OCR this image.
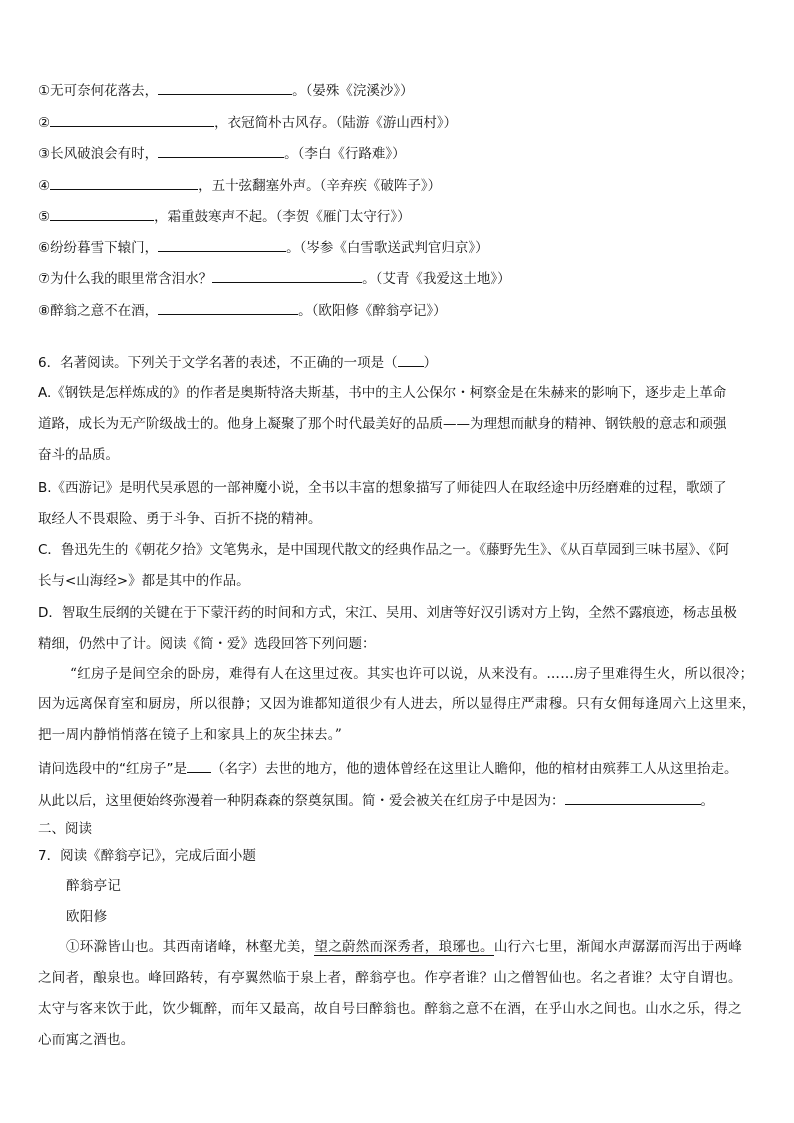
①无可奈何花落去，	。（晏殊《浣溪沙》）
②	，衣冠简朴古风存。（陆游《游山西村》）
③长风破浪会有时，	。（李白《行路难》）
④	，五十弦翻塞外声。（辛弃疾《破阵子》）
⑤	，霜重鼓寒声不起。（李贺《雁门太守行》）
⑥纷纷暮雪下辕门，	。（岑参《白雪歌送武判官归京》）
⑦为什么我的眼里常含泪水？	。（艾青《我爱这土地》）
⑧醉翁之意不在酒，	。（欧阳修《醉翁亭记》）
6．名著阅读。下列关于文学名著的表述，不正确的一项是（ ）
A.《钢铁是怎样炼成的》的作者是奥斯特洛夫斯基，书中的主人公保尔・柯察金是在朱赫来的影响下，逐步走上革命
道路，成长为无产阶级战士的。他身上凝聚了那个时代最美好的品质——为理想而献身的精神、钢铁般的意志和顽强
奋斗的品质。
B.《西游记》是明代吴承恩的一部神魔小说，全书以丰富的想象描写了师徒四人在取经途中历经磨难的过程，歌颂了
取经人不畏艰险、勇于斗争、百折不挠的精神。
C．鲁迅先生的《朝花夕拾》文笔隽永，是中国现代散文的经典作品之一。《藤野先生》、《从百草园到三味书屋》、《阿
长与<山海经>》都是其中的作品。
D．智取生辰纲的关键在于下蒙汗药的时间和方式，宋江、吴用、刘唐等好汉引诱对方上钩，全然不露痕迹，杨志虽极
精细，仍然中了计。阅读《简・爱》选段回答下列问题：
“红房子是间空余的卧房，难得有人在这里过夜。其实也许可以说，从来没有。……房子里难得生火，所以很冷；
因为远离保育室和厨房，所以很静；又因为谁都知道很少有人进去，所以显得庄严肃穆。只有女佣每逢周六上这里来，
把一周内静悄悄落在镜子上和家具上的灰尘抹去。”
请问选段中的“红房子”是 （名字）去世的地方，他的遗体曾经在这里让人瞻仰，他的棺材由殡葬工人从这里抬走。
从此以后，这里便始终弥漫着一种阴森森的祭奠氛围。简・爱会被关在红房子中是因为：	。
二、阅读
7．阅读《醉翁亭记》，完成后面小题
醉翁亭记
欧阳修
①环滁皆山也。其西南诸峰，林壑尤美，望之蔚然而深秀者，琅琊也。山行六七里，渐闻水声潺潺而泻出于两峰
之间者，酿泉也。峰回路转，有亭翼然临于泉上者，醉翁亭也。作亭者谁？山之僧智仙也。名之者谁？太守自谓也。
太守与客来饮于此，饮少辄醉，而年又最高，故自号曰醉翁也。醉翁之意不在酒，在乎山水之间也。山水之乐，得之
心而寓之酒也。
